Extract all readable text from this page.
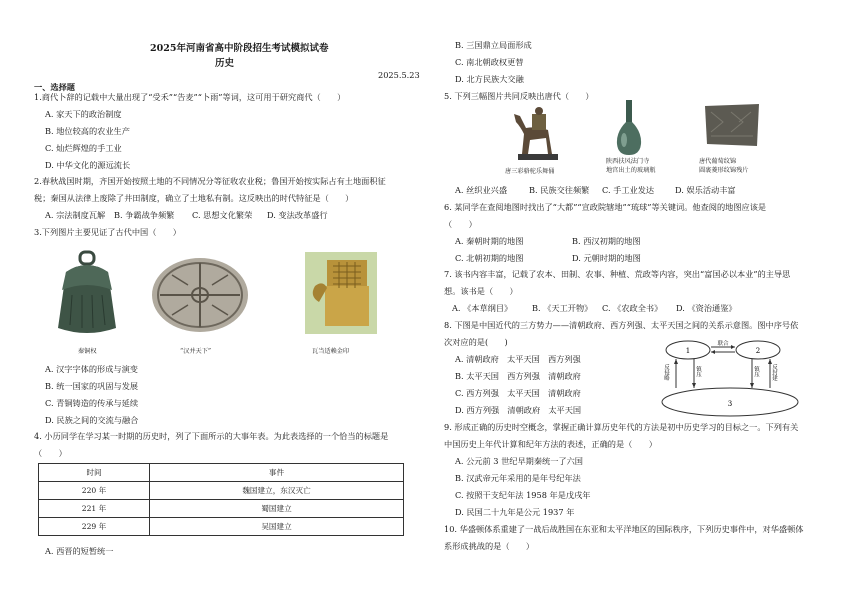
2025年河南省高中阶段招生考试模拟试卷
历史
2025.5.23
一、选择题
1.商代卜辞的记载中大量出现了“受禾”“告麦”“卜雨”等词，这可用于研究商代（　　）
A. 家天下的政治制度
B. 地位较高的农业生产
C. 灿烂辉煌的手工业
D. 中华文化的源远流长
2.春秋战国时期，齐国开始按照土地的不同情况分等征收农业税；鲁国开始按实际占有土地面积征
税；秦国从法律上废除了井田制度，确立了土地私有制。这反映出的时代特征是（　　）
A. 宗法制度瓦解 B. 争霸战争频繁 C. 思想文化繁荣 D. 变法改革盛行
3.下列图片主要见证了古代中国（　　）
秦铜权	“汉并天下”	瓦当适赖金印
A. 汉字字体的形成与演变
B. 统一国家的巩固与发展
C. 青铜铸造的传承与延续
D. 民族之间的交流与融合
4. 小历同学在学习某一时期的历史时，列了下面所示的大事年表。为此表选择的一个恰当的标题是
（　　）
时间	事件
220 年	魏国建立，东汉灭亡
221 年	蜀国建立
229 年	吴国建立
A. 西晋的短暂统一
B. 三国鼎立局面形成
C. 南北朝政权更替
D. 北方民族大交融
5. 下列三幅图片共同反映出唐代（　　）
唐三彩骆驼乐舞俑
陕西扶风法门寺
地宫出土的玻璃瓶
唐代葡萄纹锦
圆裹菱形纹锦残片
A. 丝织业兴盛	B. 民族交往频繁 C. 手工业发达	D. 娱乐活动丰富
6. 某同学在查阅地图时找出了“大都”“宣政院辖地”“琉球”等关键词。他查阅的地图应该是
（　　）
A. 秦朝时期的地图	B. 西汉初期的地图
C. 北朝初期的地图	D. 元朝时期的地图
7. 该书内容丰富，记载了农本、田制、农事、种植、荒政等内容，突出“富国必以本业”的主导思
想。该书是（　　）
A. 《本草纲目》 B. 《天工开物》 C. 《农政全书》 D. 《资治通鉴》
8. 下图是中国近代的三方势力——清朝政府、西方列强、太平天国之间的关系示意图。图中序号依
次对应的是(　　)
A. 清朝政府　太平天国　西方列强
B. 太平天国　西方列强　清朝政府
C. 西方列强　太平天国　清朝政府
D. 西方列强　清朝政府　太平天国
1	2
3
联合
反侵略	镇压	镇压 反封建
9. 形成正确的历史时空概念，掌握正确计算历史年代的方法是初中历史学习的目标之一。下列有关
中国历史上年代计算和纪年方法的表述，正确的是（　　）
A. 公元前 3 世纪早期秦统一了六国
B. 汉武帝元年采用的是年号纪年法
C. 按照干支纪年法 1958 年是戊戌年
D. 民国二十九年是公元 1937 年
10. 华盛顿体系重建了一战后战胜国在东亚和太平洋地区的国际秩序，下列历史事件中，对华盛顿体
系形成挑战的是（　　）
